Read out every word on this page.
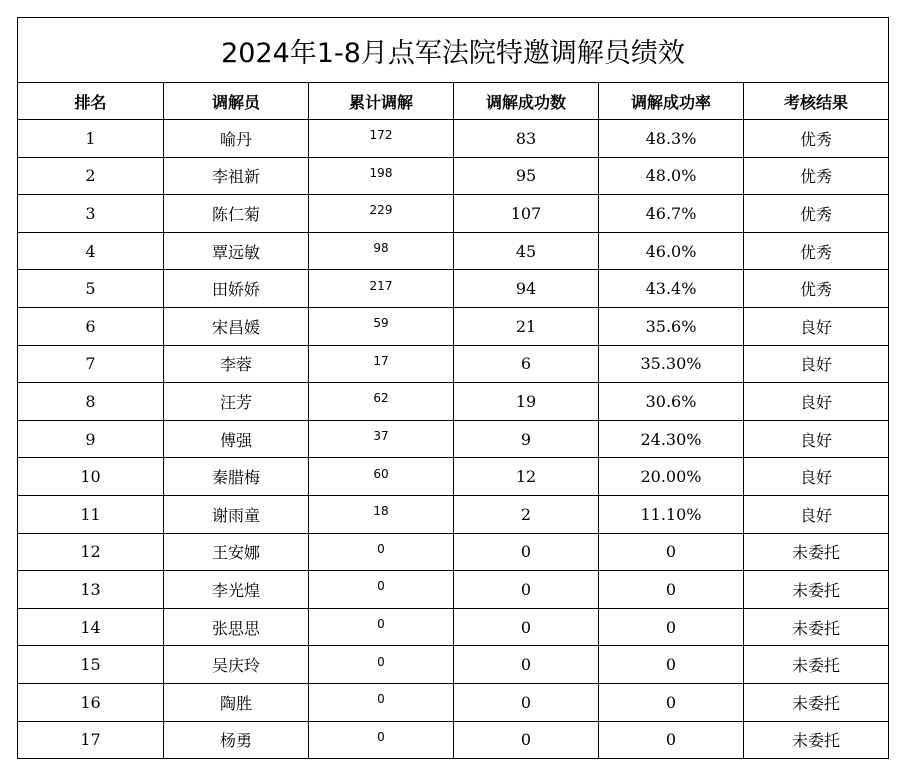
2024年1-8月点军法院特邀调解员绩效					
排名	调解员	累计调解	调解成功数	调解成功率	考核结果
1	喻丹	172	83	48.3%	优秀
2	李祖新	198	95	48.0%	优秀
3	陈仁菊	229	107	46.7%	优秀
4	覃远敏	98	45	46.0%	优秀
5	田娇娇	217	94	43.4%	优秀
6	宋昌媛	59	21	35.6%	良好
7	李蓉	17	6	35.30%	良好
8	汪芳	62	19	30.6%	良好
9	傅强	37	9	24.30%	良好
10	秦腊梅	60	12	20.00%	良好
11	谢雨童	18	2	11.10%	良好
12	王安娜	0	0	0	未委托
13	李光煌	0	0	0	未委托
14	张思思	0	0	0	未委托
15	吴庆玲	0	0	0	未委托
16	陶胜	0	0	0	未委托
17	杨勇	0	0	0	未委托
